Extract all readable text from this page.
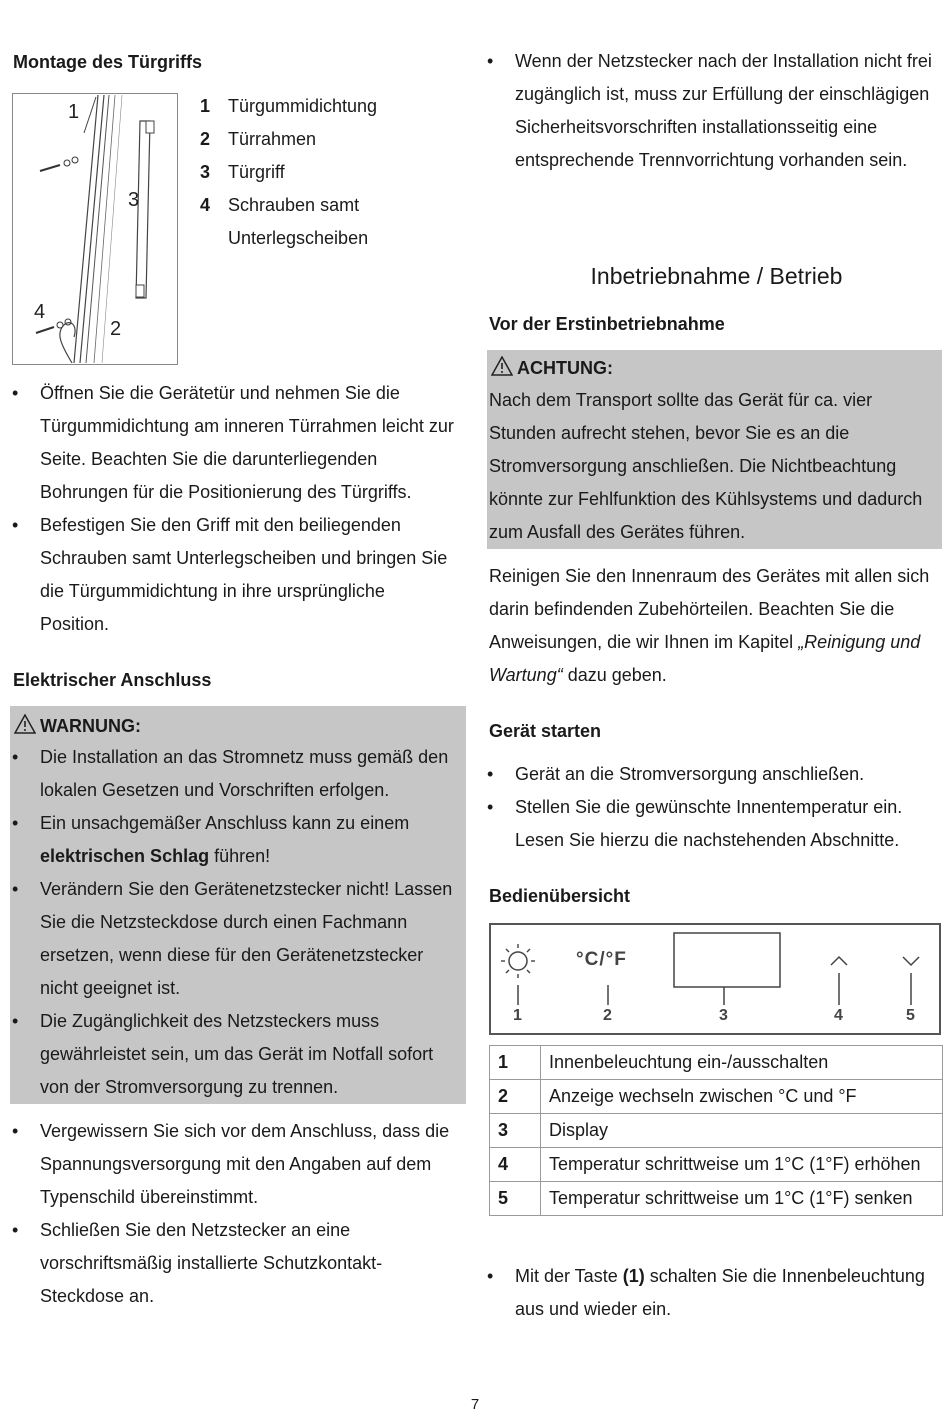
Montage des Türgriffs
1
3
4
2
1 Türgummidichtung
2 Türrahmen
3 Türgriff
4 Schrauben samt
Unterlegscheiben
• Öffnen Sie die Gerätetür und nehmen Sie die Türgummidichtung am inneren Türrahmen leicht zur Seite. Beachten Sie die darunterliegenden Bohrungen für die Positionierung des Türgriffs.
• Befestigen Sie den Griff mit den beiliegenden Schrauben samt Unterlegscheiben und bringen Sie die Türgummidichtung in ihre ursprüngliche Position.
Elektrischer Anschluss
WARNUNG:
• Die Installation an das Stromnetz muss gemäß den lokalen Gesetzen und Vorschriften erfolgen.
• Ein unsachgemäßer Anschluss kann zu einem elektrischen Schlag führen!
• Verändern Sie den Gerätenetzstecker nicht! Lassen Sie die Netzsteckdose durch einen Fachmann ersetzen, wenn diese für den Gerätenetzstecker nicht geeignet ist.
• Die Zugänglichkeit des Netzsteckers muss gewährleistet sein, um das Gerät im Notfall sofort von der Stromversorgung zu trennen.
• Vergewissern Sie sich vor dem Anschluss, dass die Spannungsversorgung mit den Angaben auf dem Typenschild übereinstimmt.
• Schließen Sie den Netzstecker an eine vorschriftsmäßig installierte Schutzkontakt-Steckdose an.
• Wenn der Netzstecker nach der Installation nicht frei zugänglich ist, muss zur Erfüllung der einschlägigen Sicherheitsvorschriften installationsseitig eine entsprechende Trennvorrichtung vorhanden sein.
Inbetriebnahme / Betrieb
Vor der Erstinbetriebnahme
ACHTUNG:
Nach dem Transport sollte das Gerät für ca. vier Stunden aufrecht stehen, bevor Sie es an die Stromversorgung anschließen. Die Nichtbeachtung könnte zur Fehlfunktion des Kühlsystems und dadurch zum Ausfall des Gerätes führen.
Reinigen Sie den Innenraum des Gerätes mit allen sich darin befindenden Zubehörteilen. Beachten Sie die Anweisungen, die wir Ihnen im Kapitel „Reinigung und Wartung“ dazu geben.
Gerät starten
• Gerät an die Stromversorgung anschließen.
• Stellen Sie die gewünschte Innentemperatur ein. Lesen Sie hierzu die nachstehenden Abschnitte.
Bedienübersicht
°C/°F
1	2	3	4	5
1	Innenbeleuchtung ein-/ausschalten
2	Anzeige wechseln zwischen °C und °F
3	Display
4	Temperatur schrittweise um 1°C (1°F) erhöhen
5	Temperatur schrittweise um 1°C (1°F) senken
• Mit der Taste (1) schalten Sie die Innenbeleuchtung aus und wieder ein.
7
